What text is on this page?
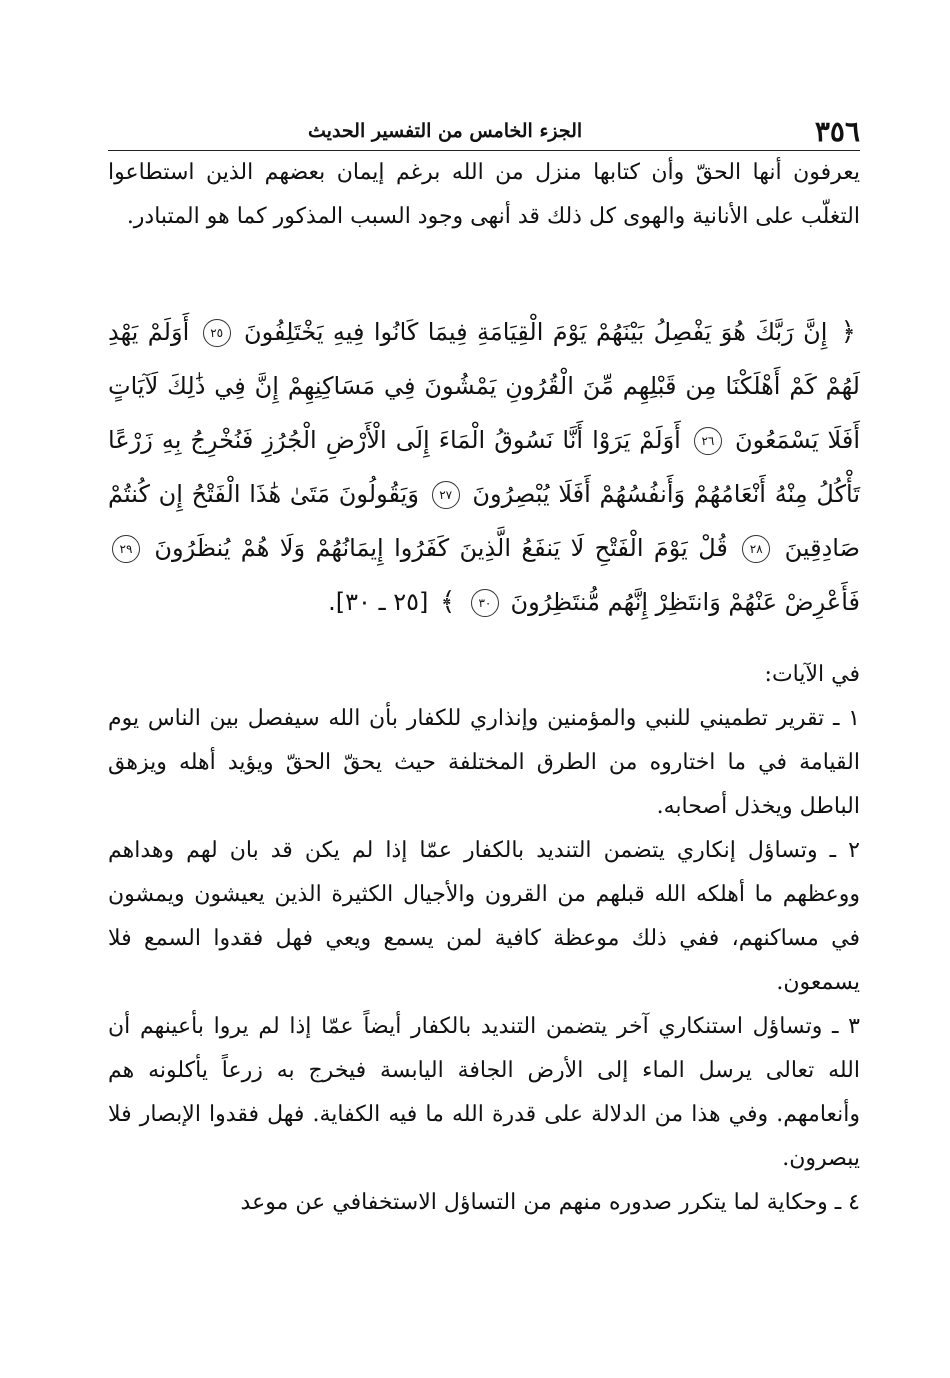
٣٥٦
الجزء الخامس من التفسير الحديث

يعرفون أنها الحقّ وأن كتابها منزل من الله برغم إيمان بعضهم الذين استطاعوا التغلّب على الأنانية والهوى كل ذلك قد أنهى وجود السبب المذكور كما هو المتبادر.

﴿ إِنَّ رَبَّكَ هُوَ يَفْصِلُ بَيْنَهُمْ يَوْمَ الْقِيَامَةِ فِيمَا كَانُوا فِيهِ يَخْتَلِفُونَ ٢٥ أَوَلَمْ يَهْدِ لَهُمْ كَمْ أَهْلَكْنَا مِن قَبْلِهِم مِّنَ الْقُرُونِ يَمْشُونَ فِي مَسَاكِنِهِمْ إِنَّ فِي ذَٰلِكَ لَآيَاتٍ أَفَلَا يَسْمَعُونَ ٢٦ أَوَلَمْ يَرَوْا أَنَّا نَسُوقُ الْمَاءَ إِلَى الْأَرْضِ الْجُرُزِ فَنُخْرِجُ بِهِ زَرْعًا تَأْكُلُ مِنْهُ أَنْعَامُهُمْ وَأَنفُسُهُمْ أَفَلَا يُبْصِرُونَ ٢٧ وَيَقُولُونَ مَتَىٰ هَٰذَا الْفَتْحُ إِن كُنتُمْ صَادِقِينَ ٢٨ قُلْ يَوْمَ الْفَتْحِ لَا يَنفَعُ الَّذِينَ كَفَرُوا إِيمَانُهُمْ وَلَا هُمْ يُنظَرُونَ ٢٩ فَأَعْرِضْ عَنْهُمْ وَانتَظِرْ إِنَّهُم مُّنتَظِرُونَ ٣٠ ﴾ [٢٥ ـ ٣٠].

في الآيات:

١ ـ تقرير تطميني للنبي والمؤمنين وإنذاري للكفار بأن الله سيفصل بين الناس يوم القيامة في ما اختاروه من الطرق المختلفة حيث يحقّ الحقّ ويؤيد أهله ويزهق الباطل ويخذل أصحابه.

٢ ـ وتساؤل إنكاري يتضمن التنديد بالكفار عمّا إذا لم يكن قد بان لهم وهداهم ووعظهم ما أهلكه الله قبلهم من القرون والأجيال الكثيرة الذين يعيشون ويمشون في مساكنهم، ففي ذلك موعظة كافية لمن يسمع ويعي فهل فقدوا السمع فلا يسمعون.

٣ ـ وتساؤل استنكاري آخر يتضمن التنديد بالكفار أيضاً عمّا إذا لم يروا بأعينهم أن الله تعالى يرسل الماء إلى الأرض الجافة اليابسة فيخرج به زرعاً يأكلونه هم وأنعامهم. وفي هذا من الدلالة على قدرة الله ما فيه الكفاية. فهل فقدوا الإبصار فلا يبصرون.

٤ ـ وحكاية لما يتكرر صدوره منهم من التساؤل الاستخفافي عن موعد
